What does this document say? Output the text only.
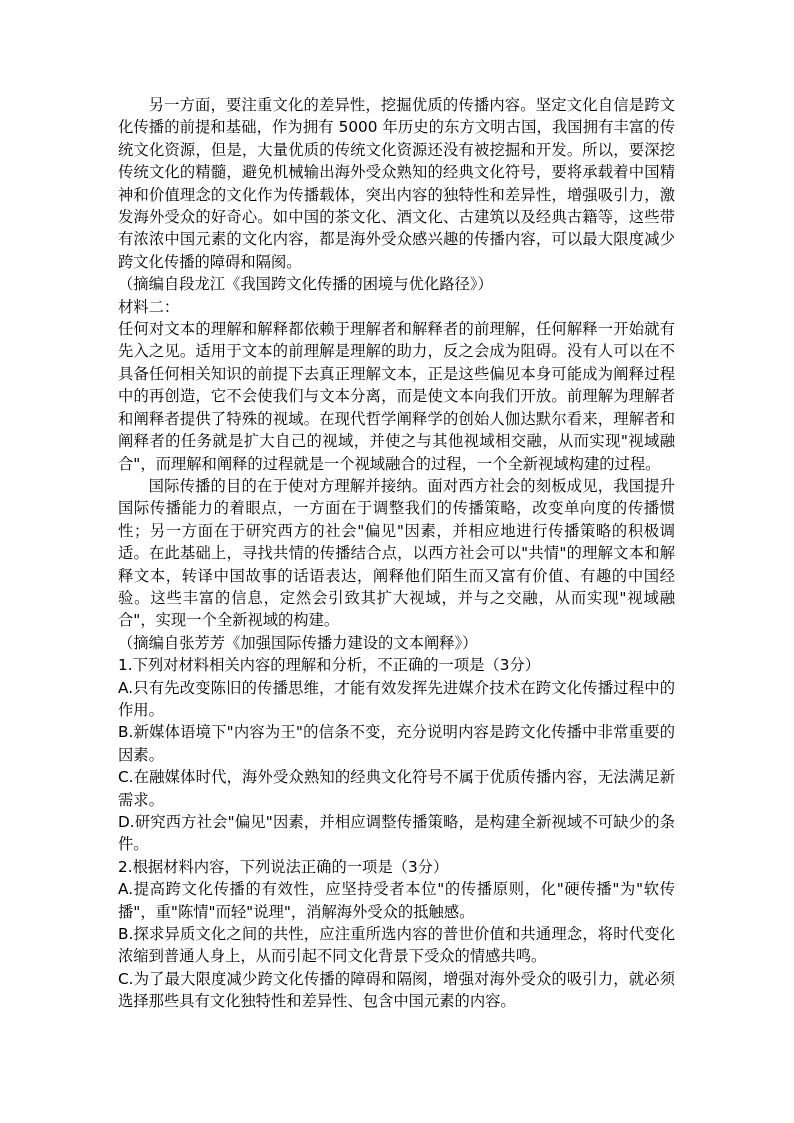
另一方面，要注重文化的差异性，挖掘优质的传播内容。坚定文化自信是跨文化传播的前提和基础，作为拥有 5000 年历史的东方文明古国，我国拥有丰富的传统文化资源，但是，大量优质的传统文化资源还没有被挖掘和开发。所以，要深挖传统文化的精髓，避免机械输出海外受众熟知的经典文化符号，要将承载着中国精神和价值理念的文化作为传播载体，突出内容的独特性和差异性，增强吸引力，激发海外受众的好奇心。如中国的茶文化、酒文化、古建筑以及经典古籍等，这些带有浓浓中国元素的文化内容，都是海外受众感兴趣的传播内容，可以最大限度减少跨文化传播的障碍和隔阂。

（摘编自段龙江《我国跨文化传播的困境与优化路径》）

材料二：

任何对文本的理解和解释都依赖于理解者和解释者的前理解，任何解释一开始就有先入之见。适用于文本的前理解是理解的助力，反之会成为阻碍。没有人可以在不具备任何相关知识的前提下去真正理解文本，正是这些偏见本身可能成为阐释过程中的再创造，它不会使我们与文本分离，而是使文本向我们开放。前理解为理解者和阐释者提供了特殊的视域。在现代哲学阐释学的创始人伽达默尔看来，理解者和阐释者的任务就是扩大自己的视域，并使之与其他视域相交融，从而实现"视域融合"，而理解和阐释的过程就是一个视域融合的过程，一个全新视域构建的过程。

国际传播的目的在于使对方理解并接纳。面对西方社会的刻板成见，我国提升国际传播能力的着眼点，一方面在于调整我们的传播策略，改变单向度的传播惯性；另一方面在于研究西方的社会"偏见"因素，并相应地进行传播策略的积极调适。在此基础上，寻找共情的传播结合点，以西方社会可以"共情"的理解文本和解释文本，转译中国故事的话语表达，阐释他们陌生而又富有价值、有趣的中国经验。这些丰富的信息，定然会引致其扩大视域，并与之交融，从而实现"视域融合"，实现一个全新视域的构建。

（摘编自张芳芳《加强国际传播力建设的文本阐释》）

1.下列对材料相关内容的理解和分析，不正确的一项是（3分）

A.只有先改变陈旧的传播思维，才能有效发挥先进媒介技术在跨文化传播过程中的作用。

B.新媒体语境下"内容为王"的信条不变，充分说明内容是跨文化传播中非常重要的因素。

C.在融媒体时代，海外受众熟知的经典文化符号不属于优质传播内容，无法满足新需求。

D.研究西方社会"偏见"因素，并相应调整传播策略，是构建全新视域不可缺少的条件。

2.根据材料内容，下列说法正确的一项是（3分）

A.提高跨文化传播的有效性，应坚持受者本位"的传播原则，化"硬传播"为"软传播"，重"陈情"而轻"说理"，消解海外受众的抵触感。

B.探求异质文化之间的共性，应注重所选内容的普世价值和共通理念，将时代变化浓缩到普通人身上，从而引起不同文化背景下受众的情感共鸣。

C.为了最大限度减少跨文化传播的障碍和隔阂，增强对海外受众的吸引力，就必须选择那些具有文化独特性和差异性、包含中国元素的内容。
